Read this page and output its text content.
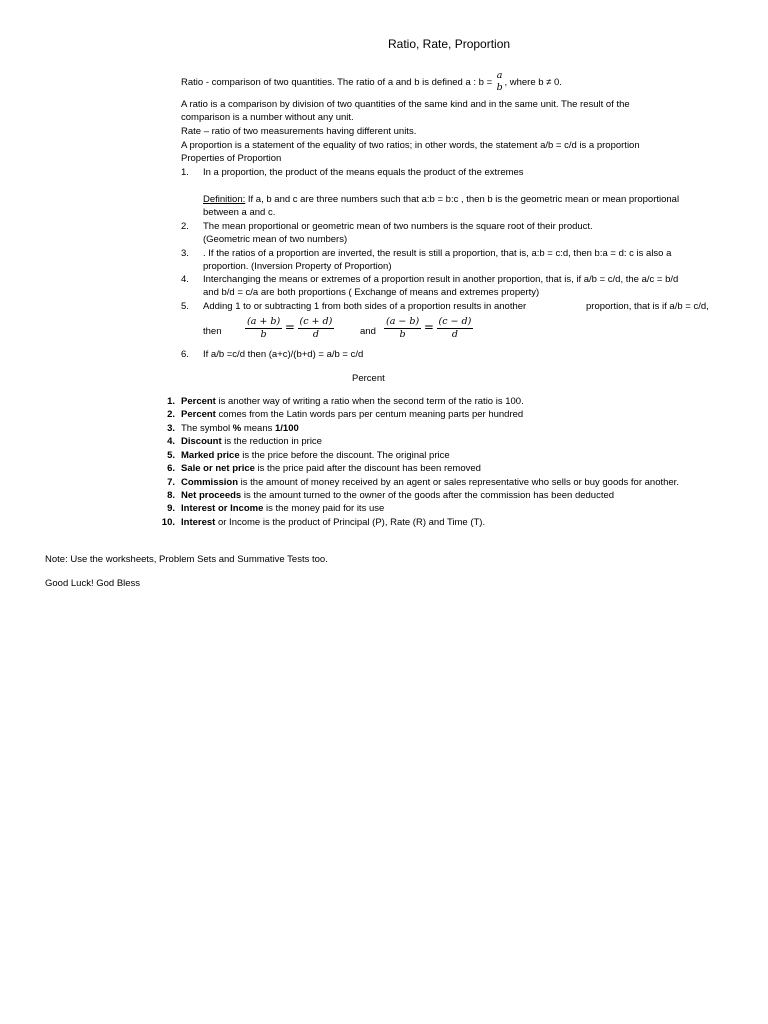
Ratio, Rate, Proportion
Ratio - comparison of two quantities. The ratio of a and b is defined a : b =
a
b , where b ≠ 0.
A ratio is a comparison by division of two quantities of the same kind and in the same unit. The result of the
comparison is a number without any unit.
Rate – ratio of two measurements having different units.
A proportion is a statement of the equality of two ratios; in other words, the statement a/b = c/d is a proportion
Properties of Proportion
1. In a proportion, the product of the means equals the product of the extremes
Definition: If a, b and c are three numbers such that a:b = b:c , then b is the geometric mean or mean proportional
between a and c.
2. The mean proportional or geometric mean of two numbers is the square root of their product.
(Geometric mean of two numbers)
3. . If the ratios of a proportion are inverted, the result is still a proportion, that is, a:b = c:d, then b:a = d: c is also a
proportion. (Inversion Property of Proportion)
4. Interchanging the means or extremes of a proportion result in another proportion, that is, if a/b = c/d, the a/c = b/d
and b/d = c/a are both proportions ( Exchange of means and extremes property)
5. Adding 1 to or subtracting 1 from both sides of a proportion results in another	proportion, that is if a/b = c/d,
then $\frac{(a + b)}{b} = \frac{(c + d)}{d}$	and $\frac{(a - b)}{b} = \frac{(c - d)}{d}$
6. If a/b =c/d then (a+c)/(b+d) = a/b = c/d
Percent
1. Percent is another way of writing a ratio when the second term of the ratio is 100.
2. Percent comes from the Latin words pars per centum meaning parts per hundred
3. The symbol % means 1/100
4. Discount is the reduction in price
5. Marked price is the price before the discount. The original price
6. Sale or net price is the price paid after the discount has been removed
7. Commission is the amount of money received by an agent or sales representative who sells or buy goods for another.
8. Net proceeds is the amount turned to the owner of the goods after the commission has been deducted
9. Interest or Income is the money paid for its use
10. Interest or Income is the product of Principal (P), Rate (R) and Time (T).
Note: Use the worksheets, Problem Sets and Summative Tests too.
Good Luck! God Bless
